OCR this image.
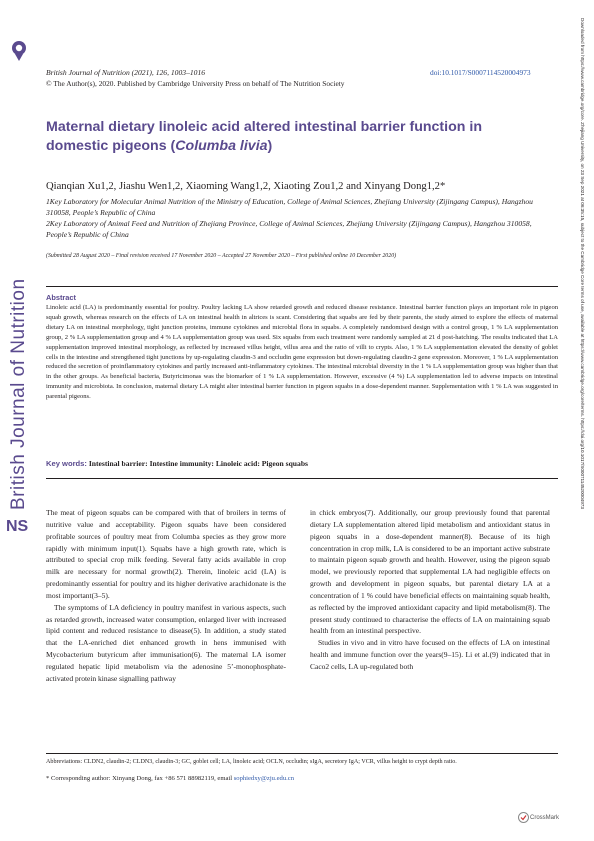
British Journal of Nutrition
NS
Downloaded from https://www.cambridge.org/core. Zhejiang University, on 23 Sep 2021 at 06:35:15, subject to the Cambridge Core terms of use, available at https://www.cambridge.org/core/terms. https://doi.org/10.1017/S0007114520004973
British Journal of Nutrition (2021), 126, 1003–1016
© The Author(s), 2020. Published by Cambridge University Press on behalf of The Nutrition Society
doi:10.1017/S0007114520004973
Maternal dietary linoleic acid altered intestinal barrier function in domestic pigeons (Columba livia)
Qianqian Xu1,2, Jiashu Wen1,2, Xiaoming Wang1,2, Xiaoting Zou1,2 and Xinyang Dong1,2*
1Key Laboratory for Molecular Animal Nutrition of the Ministry of Education, College of Animal Sciences, Zhejiang University (Zijingang Campus), Hangzhou 310058, People’s Republic of China
2Key Laboratory of Animal Feed and Nutrition of Zhejiang Province, College of Animal Sciences, Zhejiang University (Zijingang Campus), Hangzhou 310058, People’s Republic of China
(Submitted 28 August 2020 – Final revision received 17 November 2020 – Accepted 27 November 2020 – First published online 10 December 2020)
Abstract
Linoleic acid (LA) is predominantly essential for poultry. Poultry lacking LA show retarded growth and reduced disease resistance. Intestinal barrier function plays an important role in pigeon squab growth, whereas research on the effects of LA on intestinal health in altrices is scant. Considering that squabs are fed by their parents, the study aimed to explore the effects of maternal dietary LA on intestinal morphology, tight junction proteins, immune cytokines and microbial flora in squabs. A completely randomised design with a control group, 1 % LA supplementation group, 2 % LA supplementation group and 4 % LA supplementation group was used. Six squabs from each treatment were randomly sampled at 21 d post-hatching. The results indicated that LA supplementation improved intestinal morphology, as reflected by increased villus height, villus area and the ratio of villi to crypts. Also, 1 % LA supplementation elevated the density of goblet cells in the intestine and strengthened tight junctions by up-regulating claudin-3 and occludin gene expression but down-regulating claudin-2 gene expression. Moreover, 1 % LA supplementation reduced the secretion of proinflammatory cytokines and partly increased anti-inflammatory cytokines. The intestinal microbial diversity in the 1 % LA supplementation group was higher than that in the other groups. As beneficial bacteria, Butyricimonas was the biomarker of 1 % LA supplementation. However, excessive (4 %) LA supplementation led to adverse impacts on intestinal immunity and microbiota. In conclusion, maternal dietary LA might alter intestinal barrier function in pigeon squabs in a dose-dependent manner. Supplementation with 1 % LA was suggested in parental pigeons.
Key words: Intestinal barrier: Intestine immunity: Linoleic acid: Pigeon squabs

The meat of pigeon squabs can be compared with that of broilers in terms of nutritive value and acceptability. Pigeon squabs have been considered profitable sources of poultry meat from Columba species as they grow more rapidly with minimum input(1). Squabs have a high growth rate, which is attributed to special crop milk feeding. Several fatty acids available in crop milk are necessary for normal growth(2). Therein, linoleic acid (LA) is predominantly essential for poultry and its higher derivative arachidonate is the most important(3–5).

The symptoms of LA deficiency in poultry manifest in various aspects, such as retarded growth, increased water consumption, enlarged liver with increased lipid content and reduced resistance to disease(5). In addition, a study stated that the LA-enriched diet enhanced growth in hens immunised with Mycobacterium butyricum after immunisation(6). The maternal LA isomer regulated hepatic lipid metabolism via the adenosine 5’-monophosphate-activated protein kinase signalling pathway

in chick embryos(7). Additionally, our group previously found that parental dietary LA supplementation altered lipid metabolism and antioxidant status in pigeon squabs in a dose-dependent manner(8). Because of its high concentration in crop milk, LA is considered to be an important active substrate to maintain pigeon squab growth and health. However, using the pigeon squab model, we previously reported that supplemental LA had negligible effects on growth and development in pigeon squabs, but parental dietary LA at a concentration of 1 % could have beneficial effects on maintaining squab health, as reflected by the improved antioxidant capacity and lipid metabolism(8). The present study continued to characterise the effects of LA on maintaining squab health from an intestinal perspective.

Studies in vivo and in vitro have focused on the effects of LA on intestinal health and immune function over the years(9–15). Li et al.(9) indicated that in Caco2 cells, LA up-regulated both

Abbreviations: CLDN2, claudin-2; CLDN3, claudin-3; GC, goblet cell; LA, linoleic acid; OCLN, occludin; sIgA, secretory IgA; VCR, villus height to crypt depth ratio.
* Corresponding author: Xinyang Dong, fax +86 571 88982119, email sophiedxy@zju.edu.cn
CrossMark
